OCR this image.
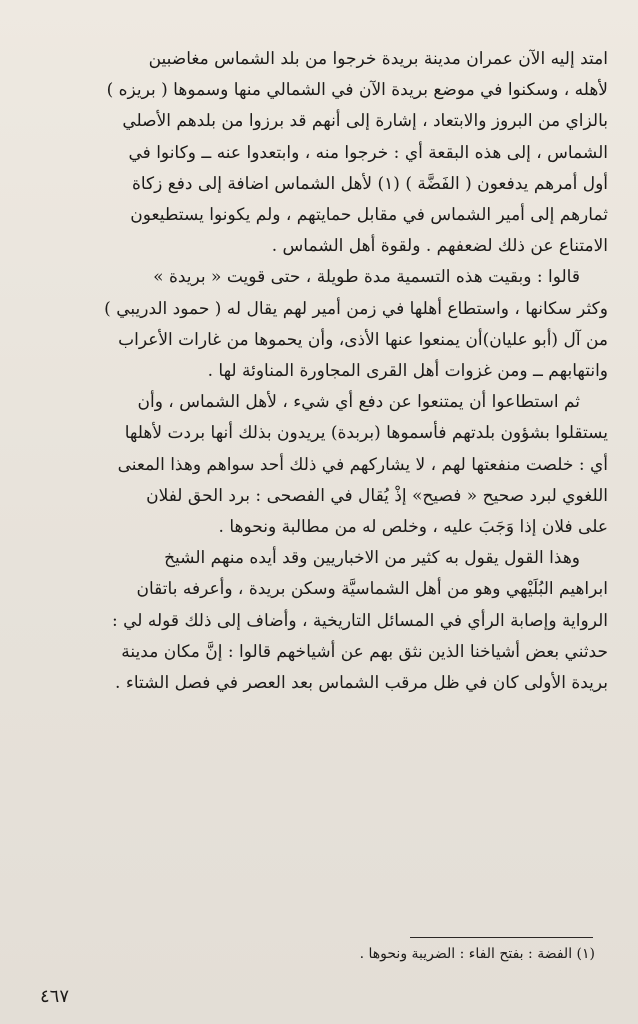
امتد إليه الآن عمران مدينة بريدة خرجوا من بلد الشماس مغاضبين
لأهله ، وسكنوا في موضع بريدة الآن في الشمالي منها وسموها ( بريزه )
بالزاي من البروز والابتعاد ، إشارة إلى أنهم قد برزوا من بلدهم الأصلي
الشماس ، إلى هذه البقعة أي : خرجوا منه ، وابتعدوا عنه ــ وكانوا في
أول أمرهم يدفعون ( الفَضَّة ) (١) لأهل الشماس اضافة إلى دفع زكاة
ثمارهم إلى أمير الشماس في مقابل حمايتهم ، ولم يكونوا يستطيعون
الامتناع عن ذلك لضعفهم . ولقوة أهل الشماس .
قالوا : وبقيت هذه التسمية مدة طويلة ، حتى قويت « بريدة »
وكثر سكانها ، واستطاع أهلها في زمن أمير لهم يقال له ( حمود الدريبي )
من آل (أبو عليان)أن يمنعوا عنها الأذى، وأن يحموها من غارات الأعراب
وانتهابهم ــ ومن غزوات أهل القرى المجاورة المناوئة لها .
ثم استطاعوا أن يمتنعوا عن دفع أي شيء ، لأهل الشماس ، وأن
يستقلوا بشؤون بلدتهم فأسموها (بربدة) يريدون بذلك أنها بردت لأهلها
أي : خلصت منفعتها لهم ، لا يشاركهم في ذلك أحد سواهم وهذا المعنى
اللغوي لبرد صحيح « فصيح» إذْ يُقال في الفصحى : برد الحق لفلان
على فلان إذا وَجَبَ عليه ، وخلص له من مطالبة ونحوها .
وهذا القول يقول به كثير من الاخباريين وقد أيده منهم الشيخ
ابراهيم البُلَيْهي وهو من أهل الشماسيَّة وسكن بريدة ، وأعرفه باتقان
الرواية وإصابة الرأي في المسائل التاريخية ، وأضاف إلى ذلك قوله لي :
حدثني بعض أشياخنا الذين نثق بهم عن أشياخهم قالوا : إنَّ مكان مدينة
بريدة الأولى كان في ظل مرقب الشماس بعد العصر في فصل الشتاء .
(١) الفضة : بفتح الفاء : الضريبة ونحوها .
٤٦٧
